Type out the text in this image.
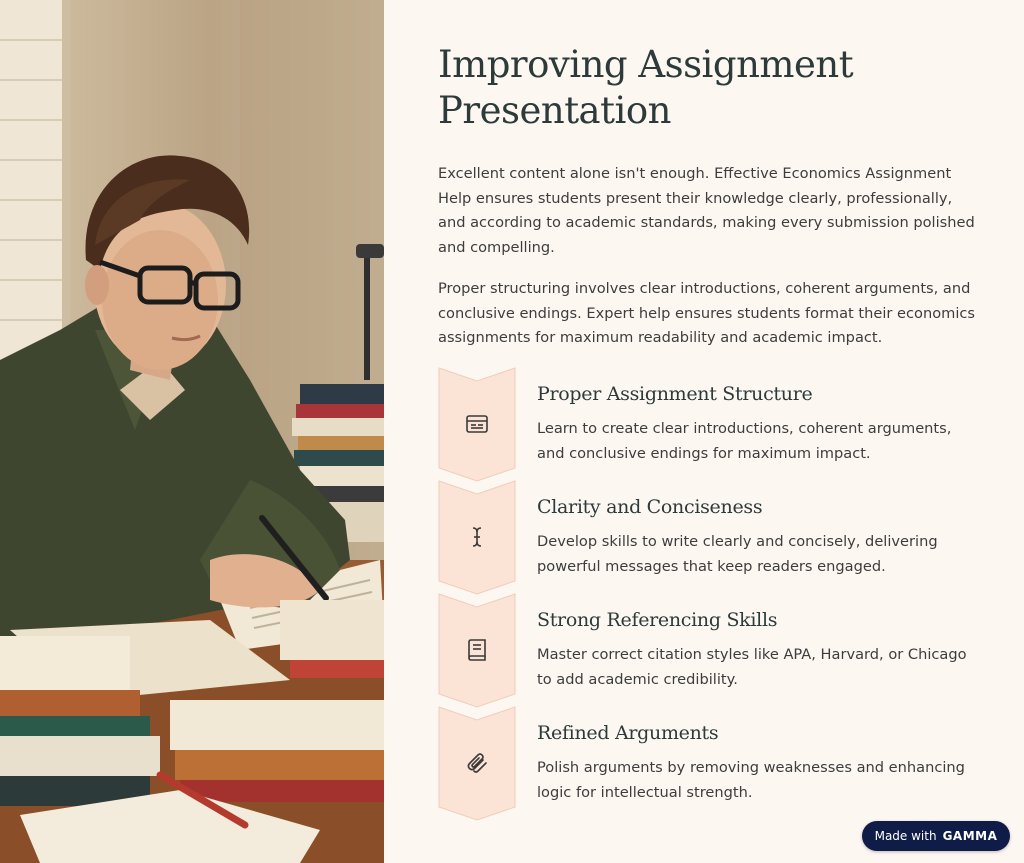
Improving Assignment Presentation

Excellent content alone isn't enough. Effective Economics Assignment Help ensures students present their knowledge clearly, professionally, and according to academic standards, making every submission polished and compelling.

Proper structuring involves clear introductions, coherent arguments, and conclusive endings. Expert help ensures students format their economics assignments for maximum readability and academic impact.

Proper Assignment Structure

Learn to create clear introductions, coherent arguments, and conclusive endings for maximum impact.

Clarity and Conciseness

Develop skills to write clearly and concisely, delivering powerful messages that keep readers engaged.

Strong Referencing Skills

Master correct citation styles like APA, Harvard, or Chicago to add academic credibility.

Refined Arguments

Polish arguments by removing weaknesses and enhancing logic for intellectual strength.

Made with GAMMA
